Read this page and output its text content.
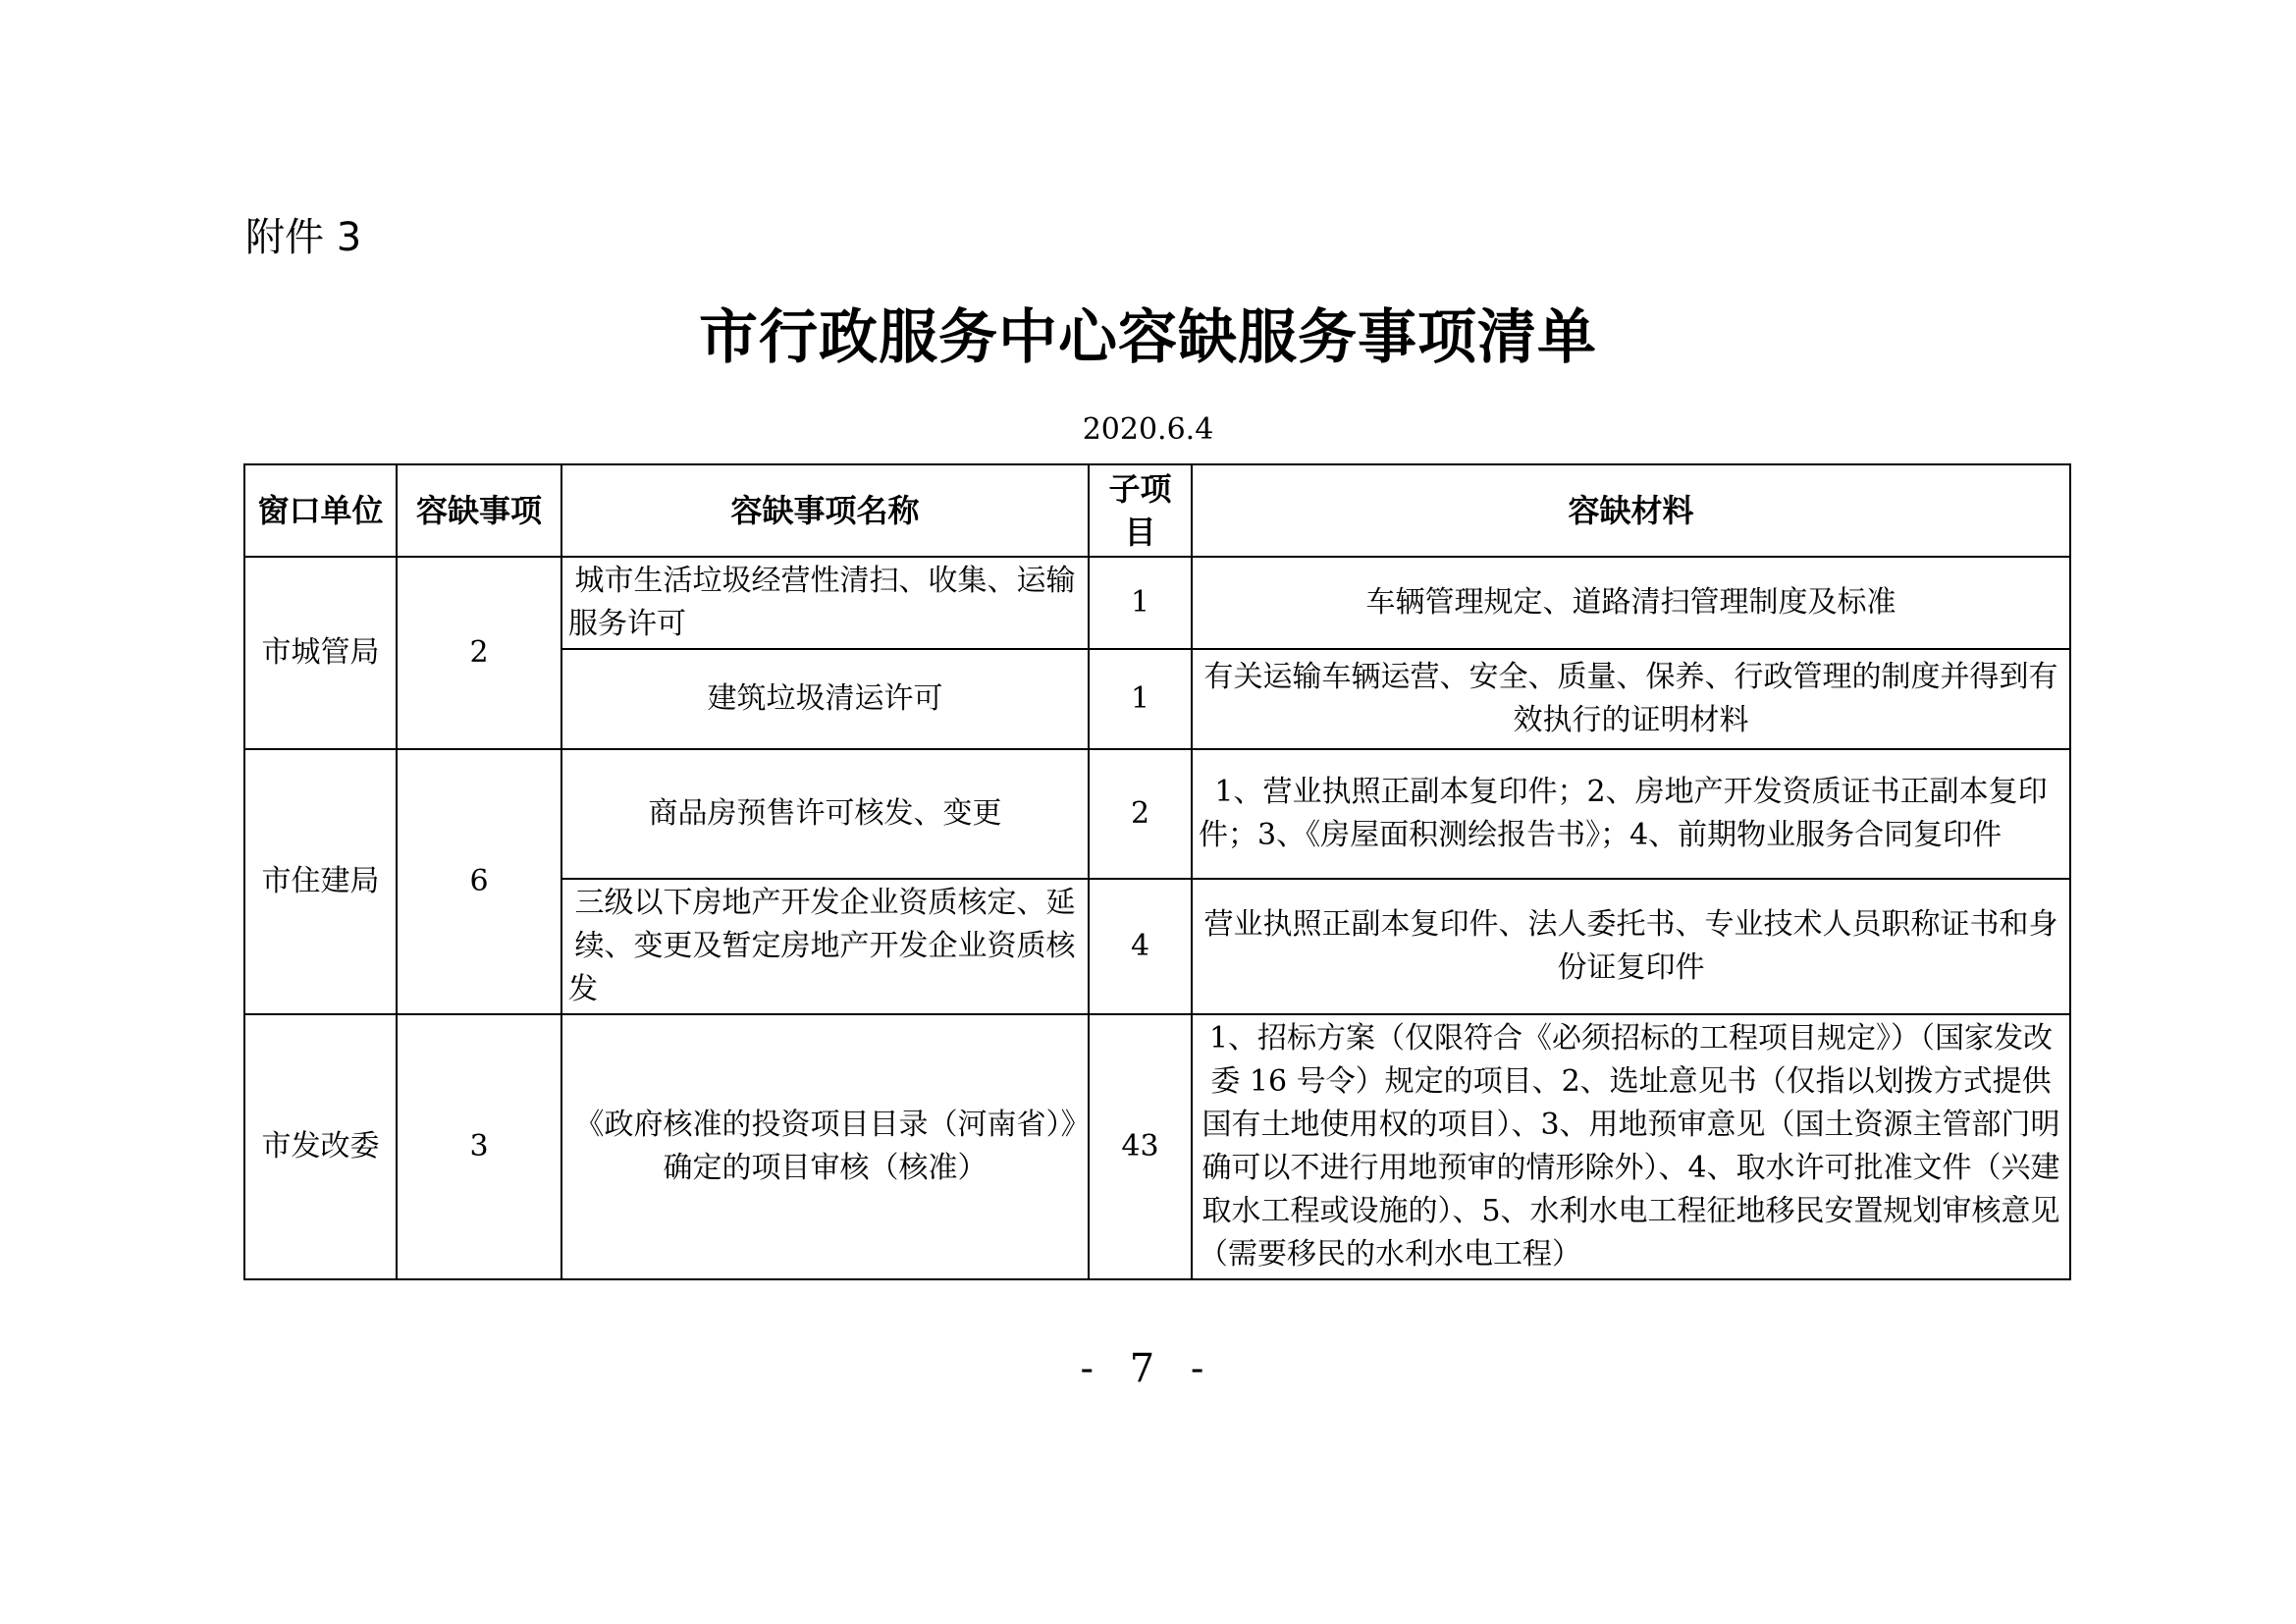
附件 3
市行政服务中心容缺服务事项清单
2020.6.4
窗口单位	容缺事项	容缺事项名称	子项目	容缺材料
市城管局	2	城市生活垃圾经营性清扫、收集、运输服务许可	1	车辆管理规定、道路清扫管理制度及标准
		建筑垃圾清运许可	1	有关运输车辆运营、安全、质量、保养、行政管理的制度并得到有效执行的证明材料
市住建局	6	商品房预售许可核发、变更	2	1、营业执照正副本复印件；2、房地产开发资质证书正副本复印件；3、《房屋面积测绘报告书》；4、前期物业服务合同复印件
		三级以下房地产开发企业资质核定、延续、变更及暂定房地产开发企业资质核发	4	营业执照正副本复印件、法人委托书、专业技术人员职称证书和身份证复印件
市发改委	3	《政府核准的投资项目目录（河南省）》确定的项目审核（核准）	43	1、招标方案（仅限符合《必须招标的工程项目规定》）（国家发改委 16 号令）规定的项目、2、选址意见书（仅指以划拨方式提供国有土地使用权的项目）、3、用地预审意见（国土资源主管部门明确可以不进行用地预审的情形除外）、4、取水许可批准文件（兴建取水工程或设施的）、5、水利水电工程征地移民安置规划审核意见（需要移民的水利水电工程）
- 7 -
